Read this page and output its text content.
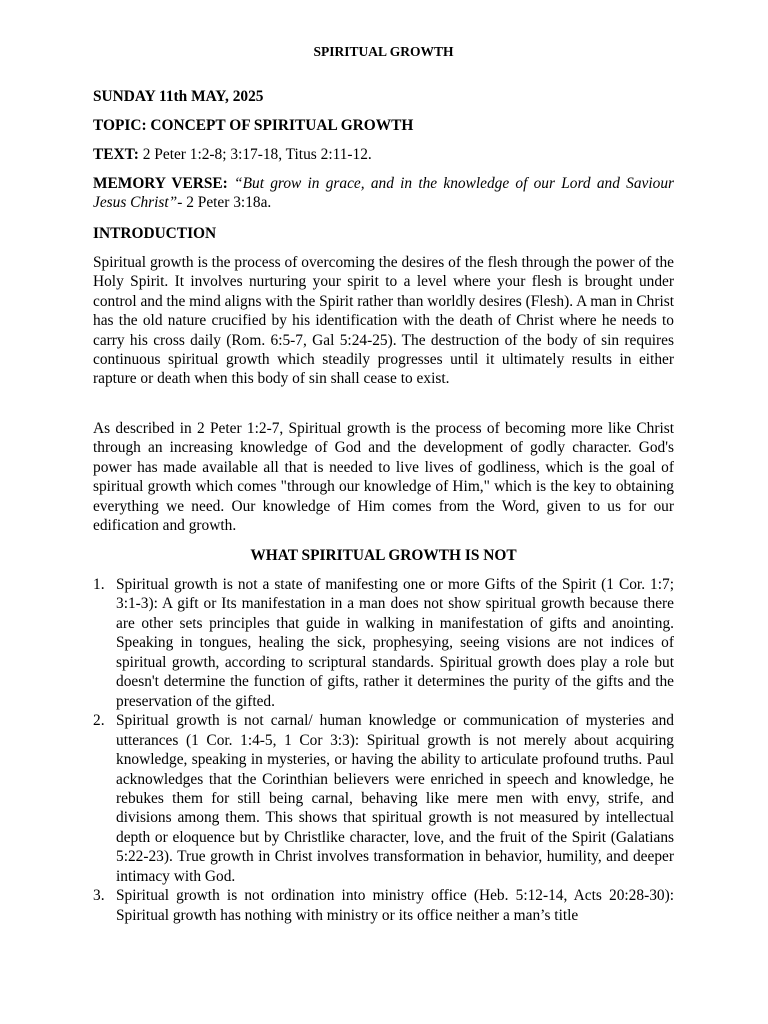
SPIRITUAL GROWTH

SUNDAY 11th MAY, 2025

TOPIC: CONCEPT OF SPIRITUAL GROWTH

TEXT: 2 Peter 1:2-8; 3:17-18, Titus 2:11-12.

MEMORY VERSE: “But grow in grace, and in the knowledge of our Lord and Saviour Jesus Christ”- 2 Peter 3:18a.

INTRODUCTION

Spiritual growth is the process of overcoming the desires of the flesh through the power of the Holy Spirit. It involves nurturing your spirit to a level where your flesh is brought under control and the mind aligns with the Spirit rather than worldly desires (Flesh). A man in Christ has the old nature crucified by his identification with the death of Christ where he needs to carry his cross daily (Rom. 6:5-7, Gal 5:24-25). The destruction of the body of sin requires continuous spiritual growth which steadily progresses until it ultimately results in either rapture or death when this body of sin shall cease to exist.

As described in 2 Peter 1:2-7, Spiritual growth is the process of becoming more like Christ through an increasing knowledge of God and the development of godly character. God's power has made available all that is needed to live lives of godliness, which is the goal of spiritual growth which comes "through our knowledge of Him," which is the key to obtaining everything we need. Our knowledge of Him comes from the Word, given to us for our edification and growth.

WHAT SPIRITUAL GROWTH IS NOT

1. Spiritual growth is not a state of manifesting one or more Gifts of the Spirit (1 Cor. 1:7; 3:1-3): A gift or Its manifestation in a man does not show spiritual growth because there are other sets principles that guide in walking in manifestation of gifts and anointing. Speaking in tongues, healing the sick, prophesying, seeing visions are not indices of spiritual growth, according to scriptural standards. Spiritual growth does play a role but doesn't determine the function of gifts, rather it determines the purity of the gifts and the preservation of the gifted.
2. Spiritual growth is not carnal/ human knowledge or communication of mysteries and utterances (1 Cor. 1:4-5, 1 Cor 3:3): Spiritual growth is not merely about acquiring knowledge, speaking in mysteries, or having the ability to articulate profound truths. Paul acknowledges that the Corinthian believers were enriched in speech and knowledge, he rebukes them for still being carnal, behaving like mere men with envy, strife, and divisions among them. This shows that spiritual growth is not measured by intellectual depth or eloquence but by Christlike character, love, and the fruit of the Spirit (Galatians 5:22-23). True growth in Christ involves transformation in behavior, humility, and deeper intimacy with God.
3. Spiritual growth is not ordination into ministry office (Heb. 5:12-14, Acts 20:28-30): Spiritual growth has nothing with ministry or its office neither a man’s title
